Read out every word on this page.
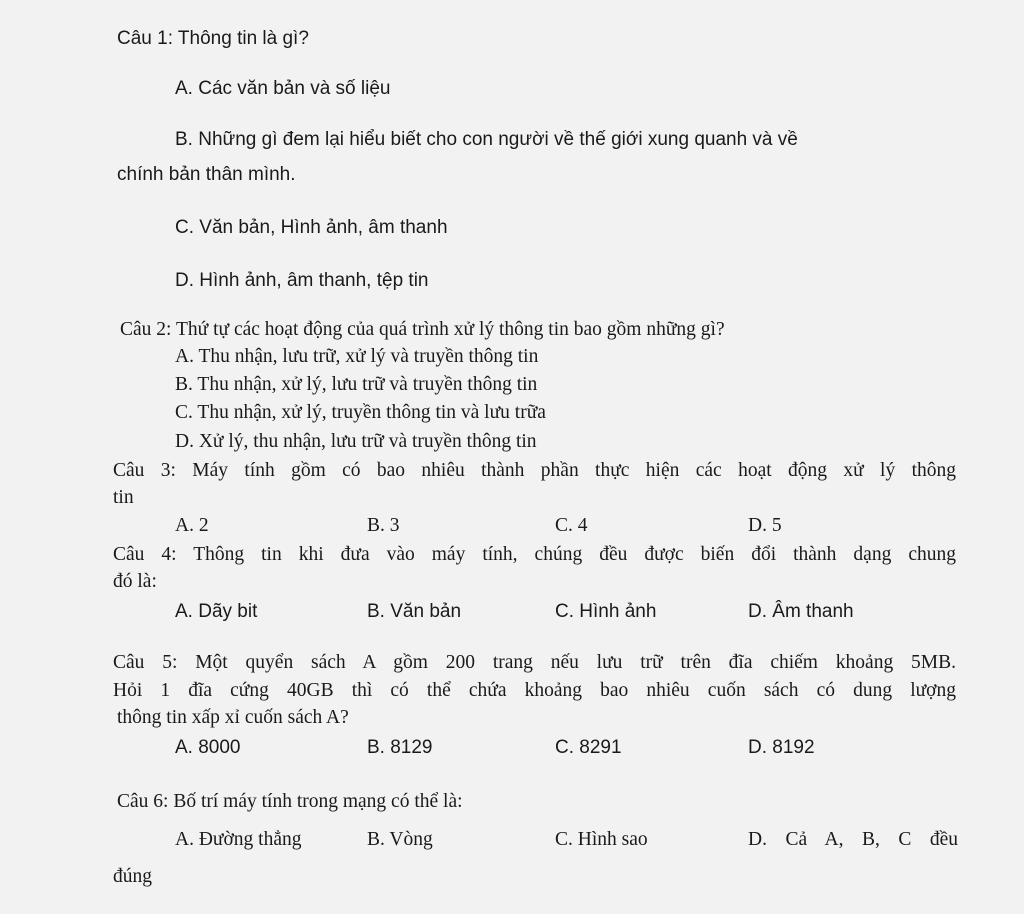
Câu 1: Thông tin là gì?
A. Các văn bản và số liệu
B. Những gì đem lại hiểu biết cho con người về thế giới xung quanh và về
chính bản thân mình.
C. Văn bản, Hình ảnh, âm thanh
D. Hình ảnh, âm thanh, tệp tin
Câu 2: Thứ tự các hoạt động của quá trình xử lý thông tin bao gồm những gì?
A. Thu nhận, lưu trữ, xử lý và truyền thông tin
B. Thu nhận, xử lý, lưu trữ và truyền thông tin
C. Thu nhận, xử lý, truyền thông tin và lưu trữa
D. Xử lý, thu nhận, lưu trữ và truyền thông tin
Câu 3: Máy tính gồm có bao nhiêu thành phần thực hiện các hoạt động xử lý thông
tin
A. 2	B. 3	C. 4	D. 5
Câu 4: Thông tin khi đưa vào máy tính, chúng đều được biến đổi thành dạng chung
đó là:
A. Dãy bit	B. Văn bản	C. Hình ảnh	D. Âm thanh
Câu 5: Một quyển sách A gồm 200 trang nếu lưu trữ trên đĩa chiếm khoảng 5MB.
Hỏi 1 đĩa cứng 40GB thì có thể chứa khoảng bao nhiêu cuốn sách có dung lượng
thông tin xấp xỉ cuốn sách A?
A. 8000	B. 8129	C. 8291	D. 8192
Câu 6: Bố trí máy tính trong mạng có thể là:
A. Đường thẳng	B. Vòng	C. Hình sao	D. Cả A, B, C đều
đúng
